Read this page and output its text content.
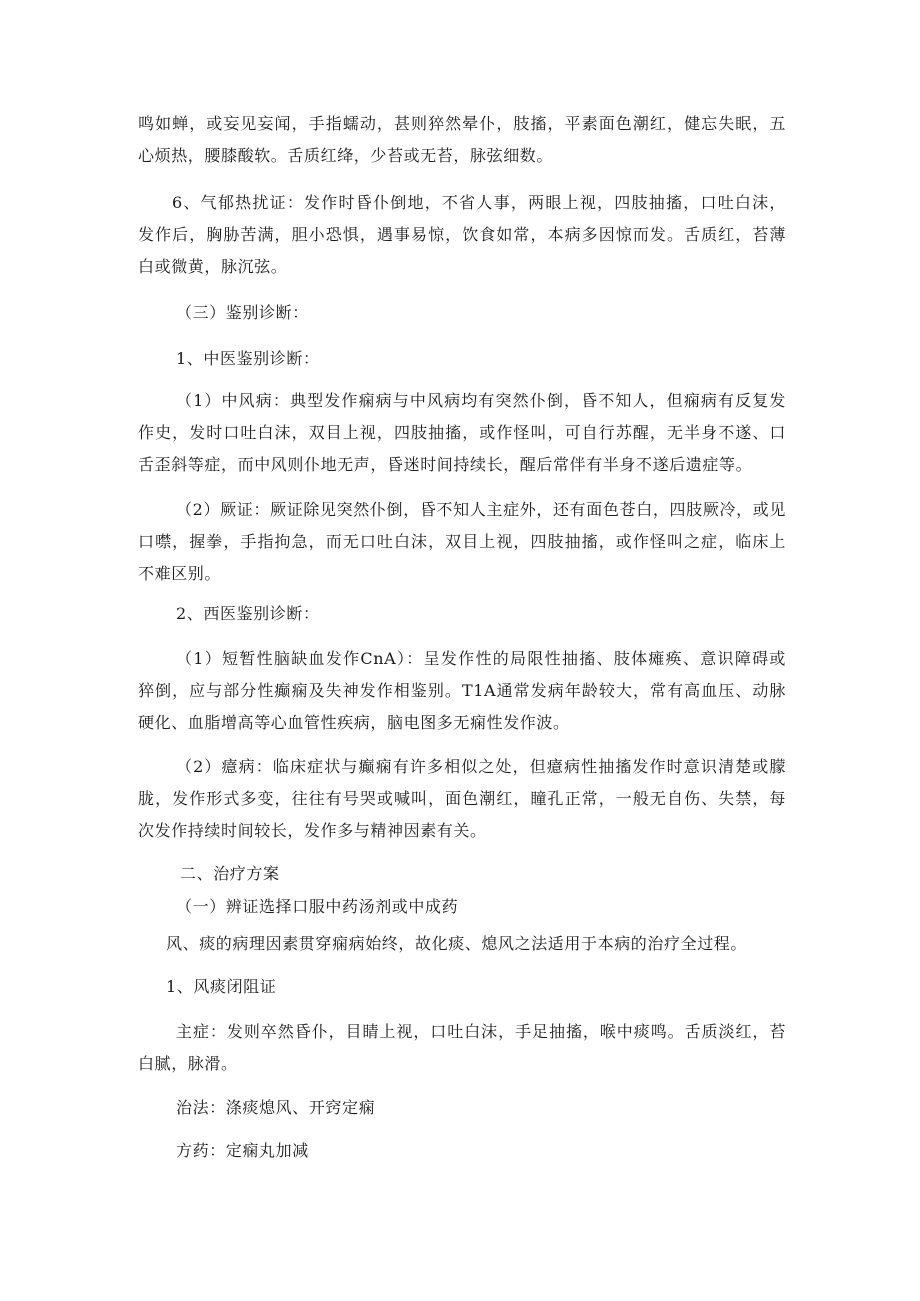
鸣如蝉，或妄见妄闻，手指蠕动，甚则猝然晕仆，肢搐，平素面色潮红，健忘失眠，五
心烦热，腰膝酸软。舌质红绛，少苔或无苔，脉弦细数。

6、气郁热扰证：发作时昏仆倒地，不省人事，两眼上视，四肢抽搐，口吐白沫，
发作后，胸胁苦满，胆小恐惧，遇事易惊，饮食如常，本病多因惊而发。舌质红，苔薄
白或微黄，脉沉弦。

（三）鉴别诊断：

1、中医鉴别诊断：

（1）中风病：典型发作痫病与中风病均有突然仆倒，昏不知人，但痫病有反复发
作史，发时口吐白沫，双目上视，四肢抽搐，或作怪叫，可自行苏醒，无半身不遂、口
舌歪斜等症，而中风则仆地无声，昏迷时间持续长，醒后常伴有半身不遂后遗症等。

（2）厥证：厥证除见突然仆倒，昏不知人主症外，还有面色苍白，四肢厥冷，或见
口噤，握拳，手指拘急，而无口吐白沫，双目上视，四肢抽搐，或作怪叫之症，临床上
不难区别。

2、西医鉴别诊断：

（1）短暂性脑缺血发作CnA）：呈发作性的局限性抽搐、肢体瘫痪、意识障碍或
猝倒，应与部分性癫痫及失神发作相鉴别。T1A通常发病年龄较大，常有高血压、动脉
硬化、血脂增高等心血管性疾病，脑电图多无痫性发作波。

（2）癔病：临床症状与癫痫有许多相似之处，但癔病性抽搐发作时意识清楚或朦
胧，发作形式多变，往往有号哭或喊叫，面色潮红，瞳孔正常，一般无自伤、失禁，每
次发作持续时间较长，发作多与精神因素有关。

二、治疗方案

（一）辨证选择口服中药汤剂或中成药

风、痰的病理因素贯穿痫病始终，故化痰、熄风之法适用于本病的治疗全过程。

1、风痰闭阻证

主症：发则卒然昏仆，目睛上视，口吐白沫，手足抽搐，喉中痰鸣。舌质淡红，苔
白腻，脉滑。

治法：涤痰熄风、开窍定痫

方药：定痫丸加减
